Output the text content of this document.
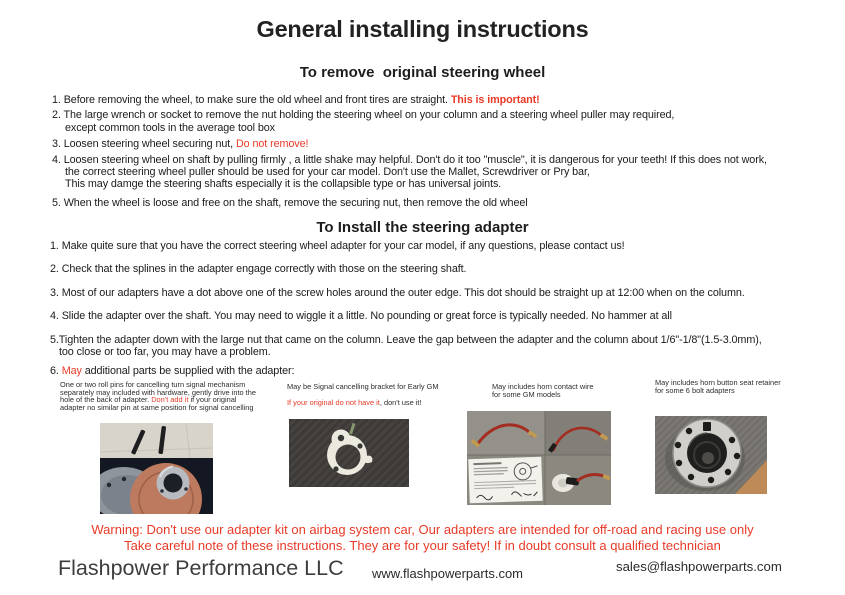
General installing instructions
To remove  original steering wheel
1. Before removing the wheel, to make sure the old wheel and front tires are straight. This is important!
2. The large wrench or socket to remove the nut holding the steering wheel on your column and a steering wheel puller may required,
except common tools in the average tool box
3. Loosen steering wheel securing nut, Do not remove!
4. Loosen steering wheel on shaft by pulling firmly , a little shake may helpful. Don't do it too "muscle", it is dangerous for your teeth! If this does not work,
the correct steering wheel puller should be used for your car model. Don't use the Mallet, Screwdriver or Pry bar,
This may damge the steering shafts especially it is the collapsible type or has universal joints.
5. When the wheel is loose and free on the shaft, remove the securing nut, then remove the old wheel
To Install the steering adapter
1. Make quite sure that you have the correct steering wheel adapter for your car model, if any questions, please contact us!
2. Check that the splines in the adapter engage correctly with those on the steering shaft.
3. Most of our adapters have a dot above one of the screw holes around the outer edge. This dot should be straight up at 12:00 when on the column.
4. Slide the adapter over the shaft. You may need to wiggle it a little. No pounding or great force is typically needed. No hammer at all
5.Tighten the adapter down with the large nut that came on the column. Leave the gap between the adapter and the column about 1/6"-1/8"(1.5-3.0mm),
too close or too far, you may have a problem.
6. May additional parts be supplied with the adapter:
One or two roll pins for cancelling turn signal mechanism
separately may included with hardware, gently drive into the
hole of the back of adapter. Don't add it if your original
adapter no similar pin at same position for signal cancelling
May be Signal cancelling bracket for Early GM
If your original do not have it, don't use it!
May includes horn contact wire
for some GM models
May includes horn button seat retainer
for some 6 bolt adapters
Warning: Don't use our adapter kit on airbag system car, Our adapters are intended for off-road and racing use only
Take careful note of these instructions. They are for your safety! If in doubt consult a qualified technician
Flashpower Performance LLC www.flashpowerparts.com	sales@flashpowerparts.com
